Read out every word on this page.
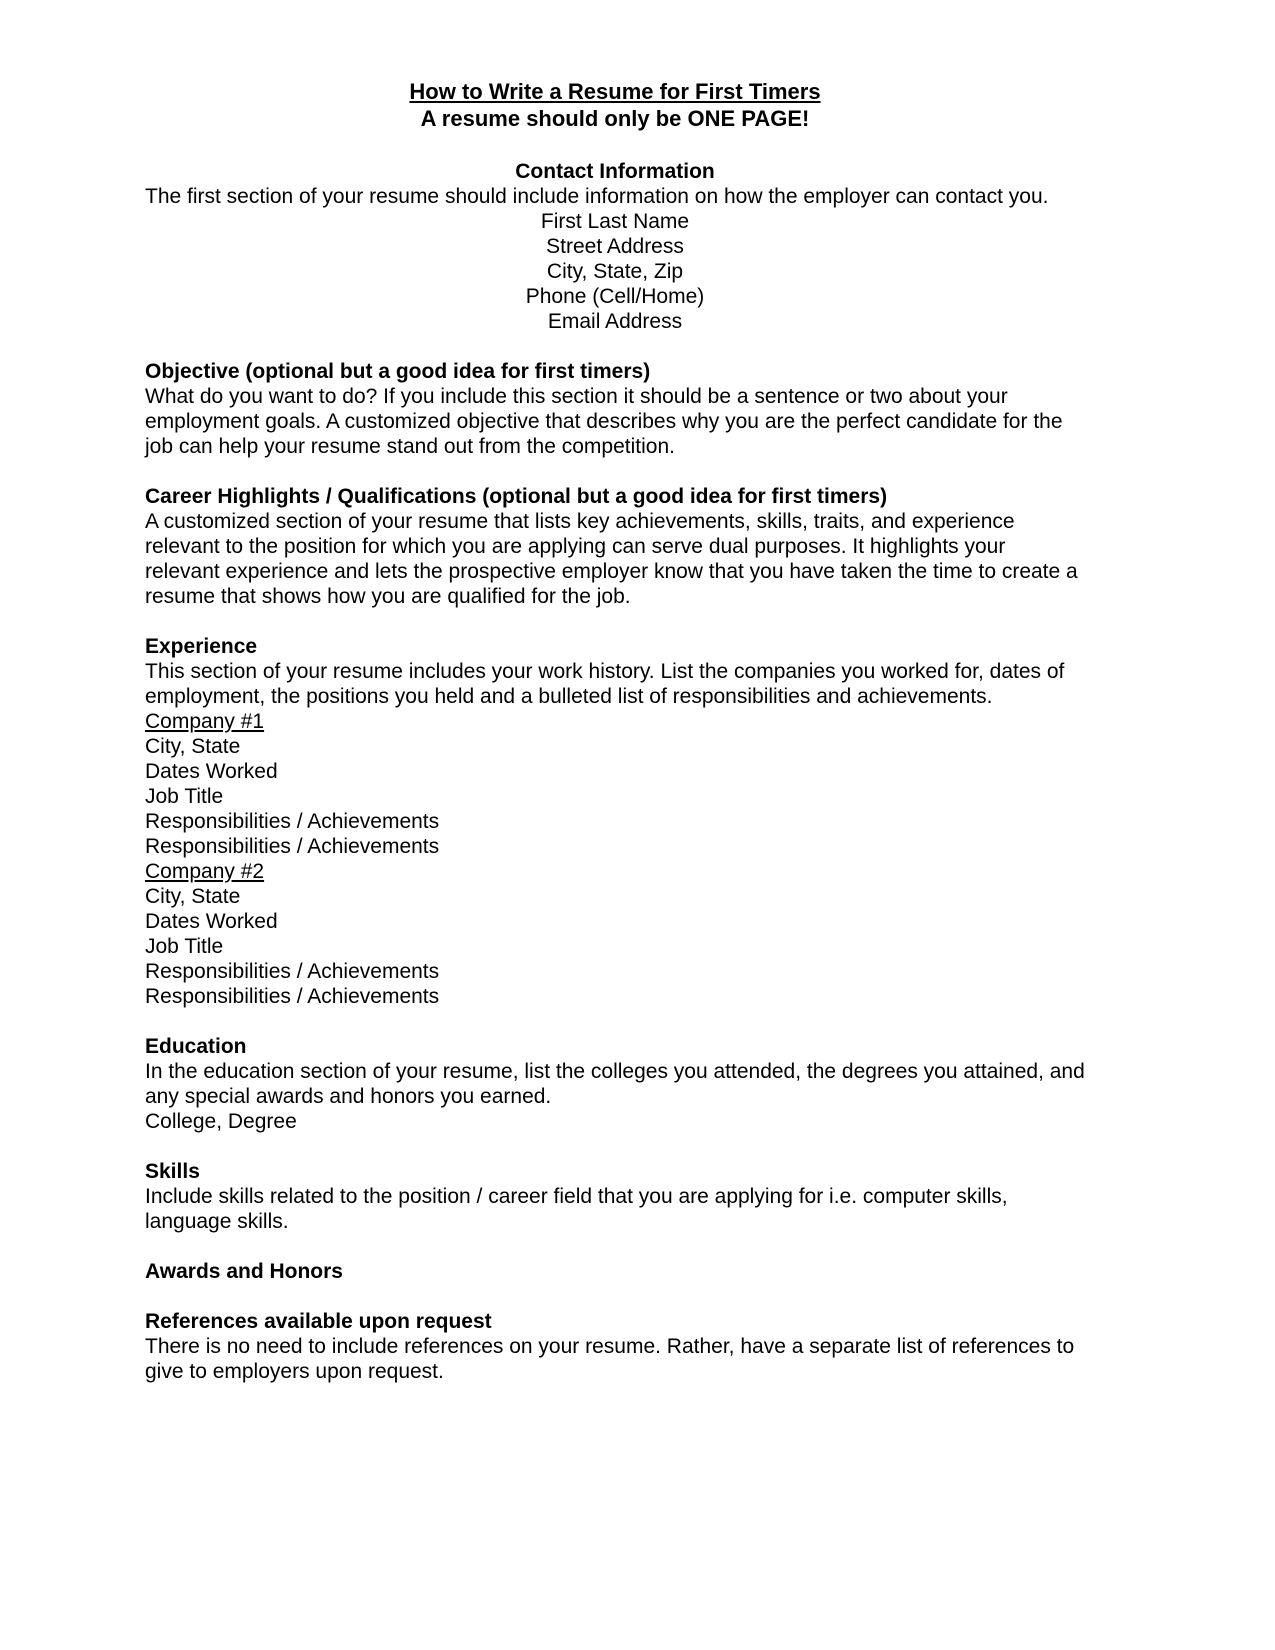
How to Write a Resume for First Timers
A resume should only be ONE PAGE!
Contact Information

The first section of your resume should include information on how the employer can contact you.

First Last Name
Street Address
City, State, Zip
Phone (Cell/Home)
Email Address
Objective (optional but a good idea for first timers)

What do you want to do? If you include this section it should be a sentence or two about your employment goals. A customized objective that describes why you are the perfect candidate for the job can help your resume stand out from the competition.

Career Highlights / Qualifications (optional but a good idea for first timers)

A customized section of your resume that lists key achievements, skills, traits, and experience relevant to the position for which you are applying can serve dual purposes. It highlights your relevant experience and lets the prospective employer know that you have taken the time to create a resume that shows how you are qualified for the job.

Experience

This section of your resume includes your work history. List the companies you worked for, dates of employment, the positions you held and a bulleted list of responsibilities and achievements.

Company #1
City, State
Dates Worked
Job Title
Responsibilities / Achievements
Responsibilities / Achievements
Company #2
City, State
Dates Worked
Job Title
Responsibilities / Achievements
Responsibilities / Achievements
Education

In the education section of your resume, list the colleges you attended, the degrees you attained, and any special awards and honors you earned.

College, Degree
Skills

Include skills related to the position / career field that you are applying for i.e. computer skills, language skills.

Awards and Honors
References available upon request

There is no need to include references on your resume. Rather, have a separate list of references to give to employers upon request.
